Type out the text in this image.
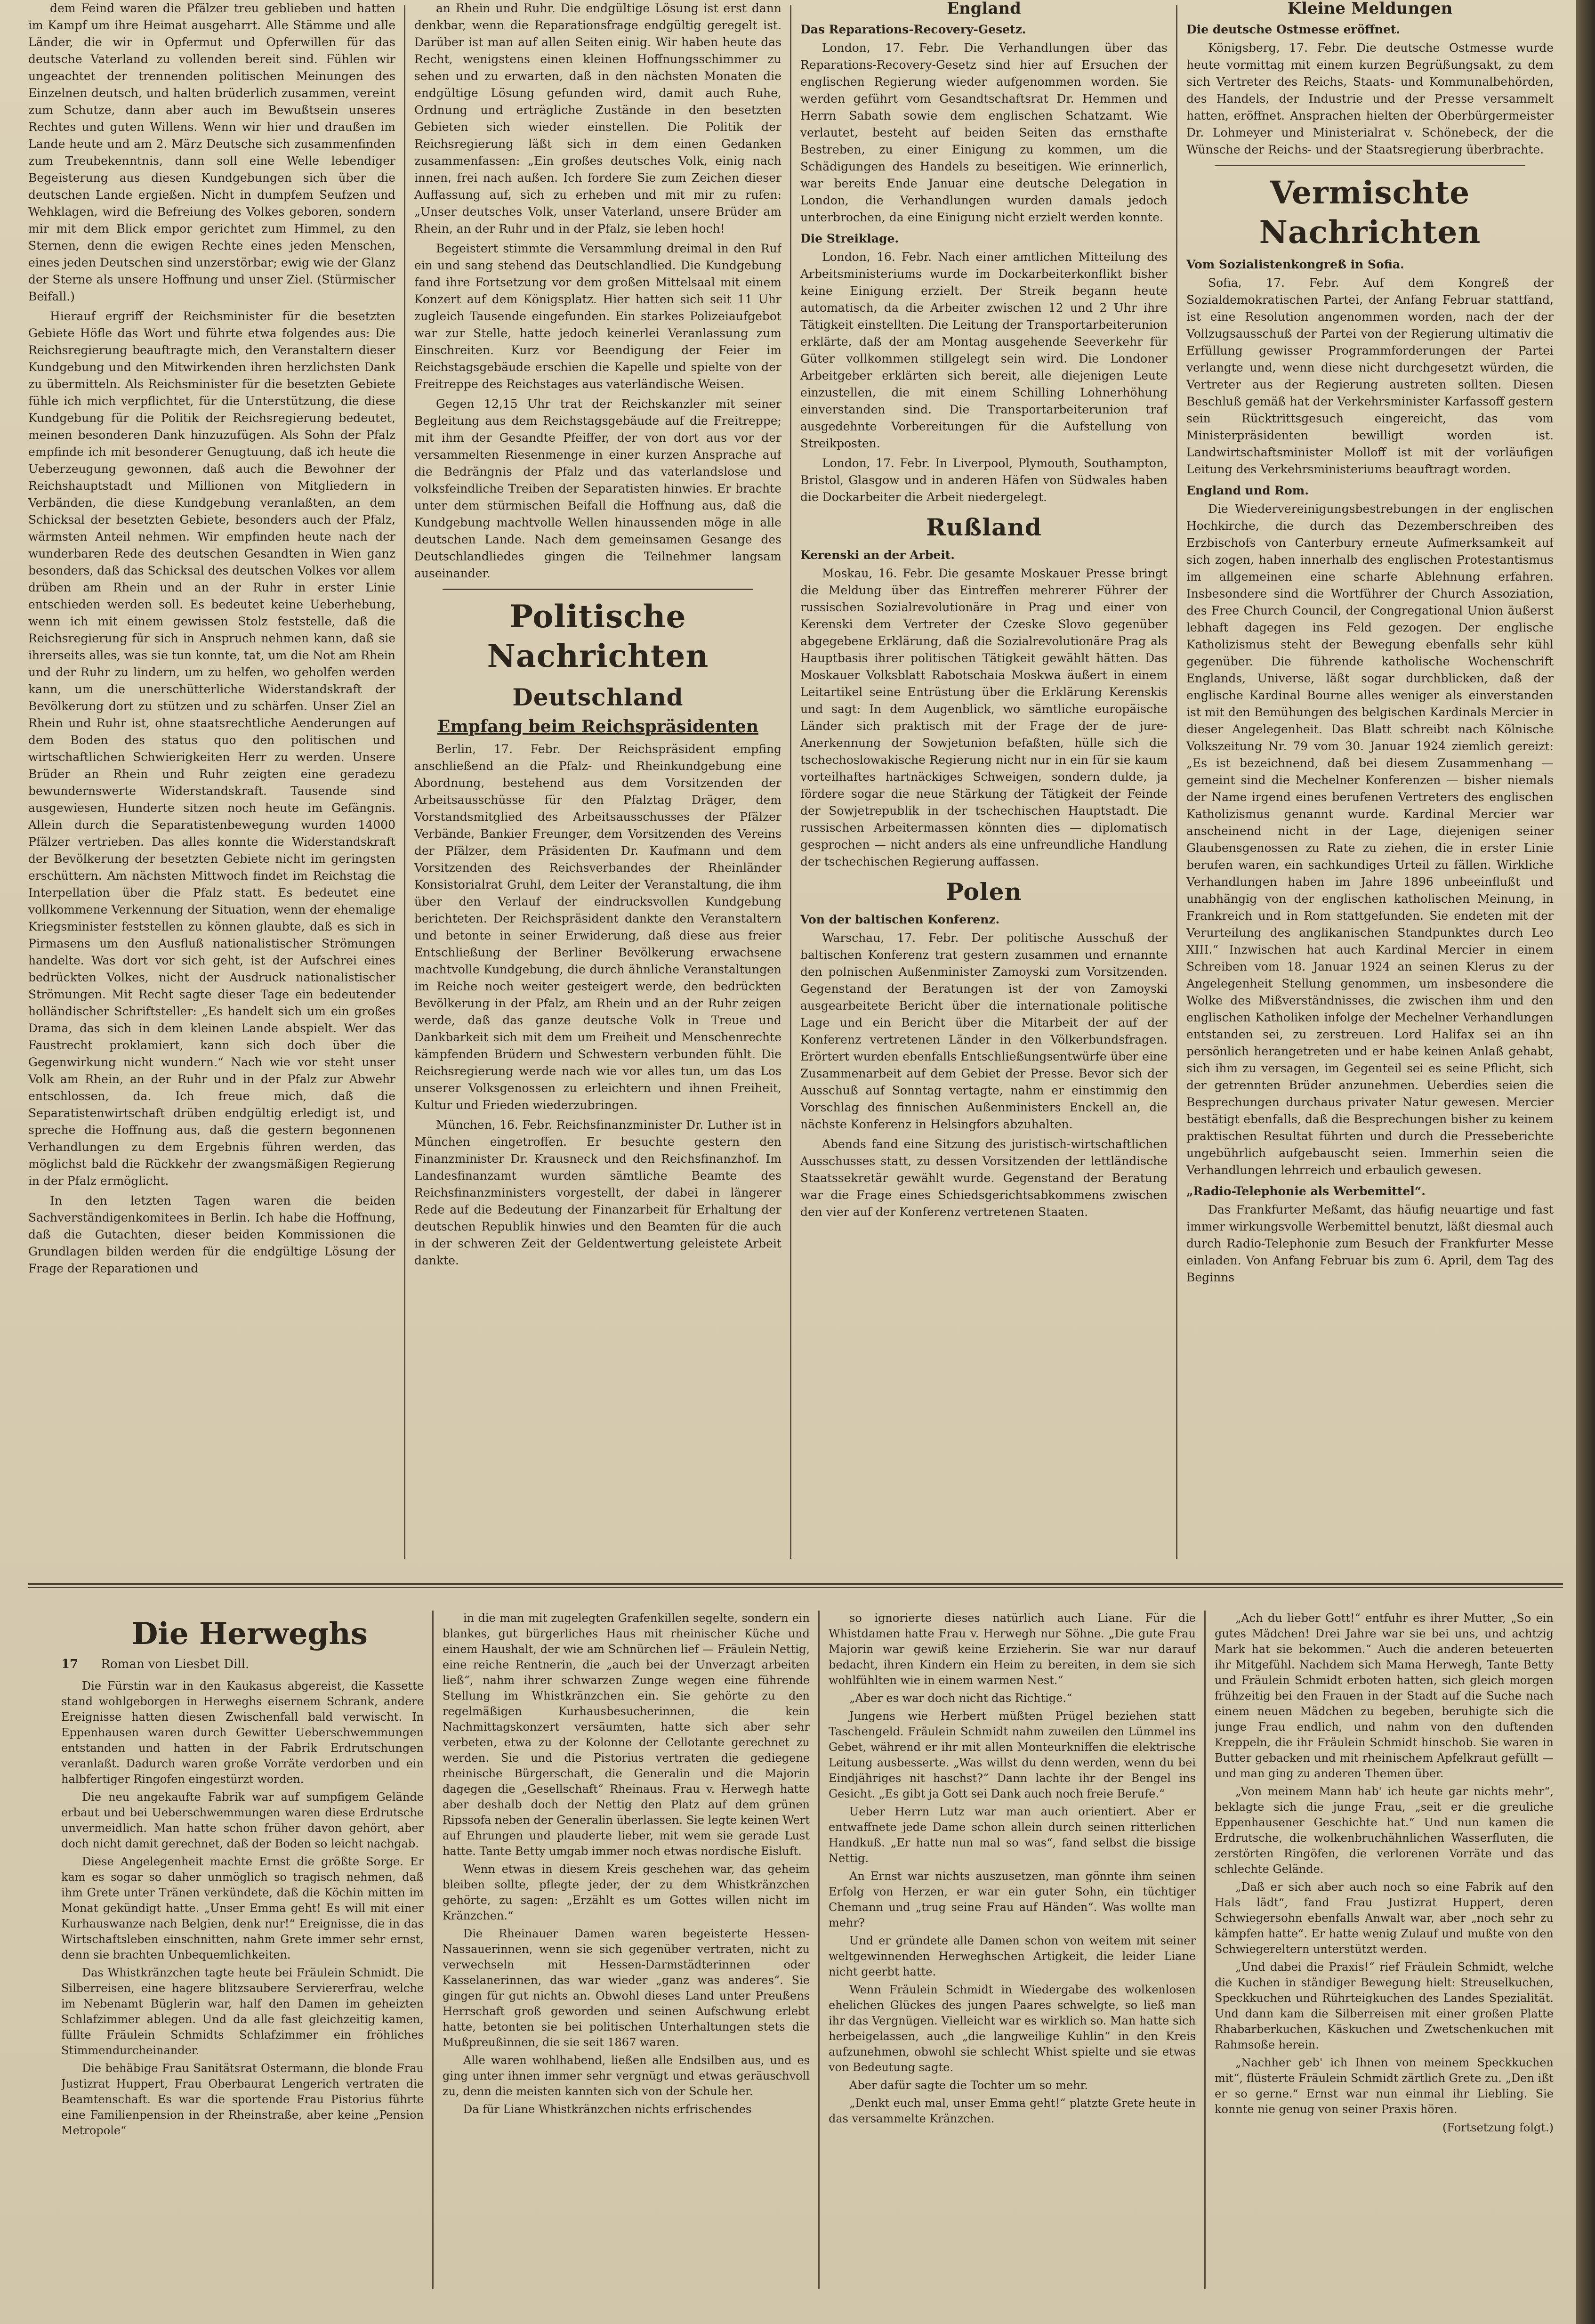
dem Feind waren die Pfälzer treu geblieben und hatten im Kampf um ihre Heimat ausgeharrt. Alle Stämme und alle Länder, die wir in Opfermut und Opferwillen für das deutsche Vaterland zu vollenden bereit sind. Fühlen wir ungeachtet der trennenden politischen Meinungen des Einzelnen deutsch, und halten brüderlich zusammen, vereint zum Schutze, dann aber auch im Bewußtsein unseres Rechtes und guten Willens. Wenn wir hier und draußen im Lande heute und am 2. März Deutsche sich zusammenfinden zum Treubekenntnis, dann soll eine Welle lebendiger Begeisterung aus diesen Kundgebungen sich über die deutschen Lande ergießen. Nicht in dumpfem Seufzen und Wehklagen, wird die Befreiung des Volkes geboren, sondern mir mit dem Blick empor gerichtet zum Himmel, zu den Sternen, denn die ewigen Rechte eines jeden Menschen, eines jeden Deutschen sind unzerstörbar; ewig wie der Glanz der Sterne als unsere Hoffnung und unser Ziel. (Stürmischer Beifall.)

Hierauf ergriff der Reichsminister für die besetzten Gebiete Höfle das Wort und führte etwa folgendes aus: Die Reichsregierung beauftragte mich, den Veranstaltern dieser Kundgebung und den Mitwirkenden ihren herzlichsten Dank zu übermitteln. Als Reichsminister für die besetzten Gebiete fühle ich mich verpflichtet, für die Unterstützung, die diese Kundgebung für die Politik der Reichsregierung bedeutet, meinen besonderen Dank hinzuzufügen. Als Sohn der Pfalz empfinde ich mit besonderer Genugtuung, daß ich heute die Ueberzeugung gewonnen, daß auch die Bewohner der Reichshauptstadt und Millionen von Mitgliedern in Verbänden, die diese Kundgebung veranlaßten, an dem Schicksal der besetzten Gebiete, besonders auch der Pfalz, wärmsten Anteil nehmen. Wir empfinden heute nach der wunderbaren Rede des deutschen Gesandten in Wien ganz besonders, daß das Schicksal des deutschen Volkes vor allem drüben am Rhein und an der Ruhr in erster Linie entschieden werden soll. Es bedeutet keine Ueberhebung, wenn ich mit einem gewissen Stolz feststelle, daß die Reichsregierung für sich in Anspruch nehmen kann, daß sie ihrerseits alles, was sie tun konnte, tat, um die Not am Rhein und der Ruhr zu lindern, um zu helfen, wo geholfen werden kann, um die unerschütterliche Widerstandskraft der Bevölkerung dort zu stützen und zu schärfen. Unser Ziel an Rhein und Ruhr ist, ohne staatsrechtliche Aenderungen auf dem Boden des status quo den politischen und wirtschaftlichen Schwierigkeiten Herr zu werden. Unsere Brüder an Rhein und Ruhr zeigten eine geradezu bewundernswerte Widerstandskraft. Tausende sind ausgewiesen, Hunderte sitzen noch heute im Gefängnis. Allein durch die Separatistenbewegung wurden 14000 Pfälzer vertrieben. Das alles konnte die Widerstandskraft der Bevölkerung der besetzten Gebiete nicht im geringsten erschüttern. Am nächsten Mittwoch findet im Reichstag die Interpellation über die Pfalz statt. Es bedeutet eine vollkommene Verkennung der Situation, wenn der ehemalige Kriegsminister feststellen zu können glaubte, daß es sich in Pirmasens um den Ausfluß nationalistischer Strömungen handelte. Was dort vor sich geht, ist der Aufschrei eines bedrückten Volkes, nicht der Ausdruck nationalistischer Strömungen. Mit Recht sagte dieser Tage ein bedeutender holländischer Schriftsteller: „Es handelt sich um ein großes Drama, das sich in dem kleinen Lande abspielt. Wer das Faustrecht proklamiert, kann sich doch über die Gegenwirkung nicht wundern.“ Nach wie vor steht unser Volk am Rhein, an der Ruhr und in der Pfalz zur Abwehr entschlossen, da. Ich freue mich, daß die Separatistenwirtschaft drüben endgültig erledigt ist, und spreche die Hoffnung aus, daß die gestern begonnenen Verhandlungen zu dem Ergebnis führen werden, das möglichst bald die Rückkehr der zwangsmäßigen Regierung in der Pfalz ermöglicht.

In den letzten Tagen waren die beiden Sachverständigenkomitees in Berlin. Ich habe die Hoffnung, daß die Gutachten, dieser beiden Kommissionen die Grundlagen bilden werden für die endgültige Lösung der Frage der Reparationen und

an Rhein und Ruhr. Die endgültige Lösung ist erst dann denkbar, wenn die Reparationsfrage endgültig geregelt ist. Darüber ist man auf allen Seiten einig. Wir haben heute das Recht, wenigstens einen kleinen Hoffnungsschimmer zu sehen und zu erwarten, daß in den nächsten Monaten die endgültige Lösung gefunden wird, damit auch Ruhe, Ordnung und erträgliche Zustände in den besetzten Gebieten sich wieder einstellen. Die Politik der Reichsregierung läßt sich in dem einen Gedanken zusammenfassen: „Ein großes deutsches Volk, einig nach innen, frei nach außen. Ich fordere Sie zum Zeichen dieser Auffassung auf, sich zu erheben und mit mir zu rufen: „Unser deutsches Volk, unser Vaterland, unsere Brüder am Rhein, an der Ruhr und in der Pfalz, sie leben hoch!

Begeistert stimmte die Versammlung dreimal in den Ruf ein und sang stehend das Deutschlandlied. Die Kundgebung fand ihre Fortsetzung vor dem großen Mittelsaal mit einem Konzert auf dem Königsplatz. Hier hatten sich seit 11 Uhr zugleich Tausende eingefunden. Ein starkes Polizeiaufgebot war zur Stelle, hatte jedoch keinerlei Veranlassung zum Einschreiten. Kurz vor Beendigung der Feier im Reichstagsgebäude erschien die Kapelle und spielte von der Freitreppe des Reichstages aus vaterländische Weisen.

Gegen 12,15 Uhr trat der Reichskanzler mit seiner Begleitung aus dem Reichstagsgebäude auf die Freitreppe; mit ihm der Gesandte Pfeiffer, der von dort aus vor der versammelten Riesenmenge in einer kurzen Ansprache auf die Bedrängnis der Pfalz und das vaterlandslose und volksfeindliche Treiben der Separatisten hinwies. Er brachte unter dem stürmischen Beifall die Hoffnung aus, daß die Kundgebung machtvolle Wellen hinaussenden möge in alle deutschen Lande. Nach dem gemeinsamen Gesange des Deutschlandliedes gingen die Teilnehmer langsam auseinander.

Politische Nachrichten
Deutschland
Empfang beim Reichspräsidenten

Berlin, 17. Febr. Der Reichspräsident empfing anschließend an die Pfalz- und Rheinkundgebung eine Abordnung, bestehend aus dem Vorsitzenden der Arbeitsausschüsse für den Pfalztag Dräger, dem Vorstandsmitglied des Arbeitsausschusses der Pfälzer Verbände, Bankier Freunger, dem Vorsitzenden des Vereins der Pfälzer, dem Präsidenten Dr. Kaufmann und dem Vorsitzenden des Reichsverbandes der Rheinländer Konsistorialrat Gruhl, dem Leiter der Veranstaltung, die ihm über den Verlauf der eindrucksvollen Kundgebung berichteten. Der Reichspräsident dankte den Veranstaltern und betonte in seiner Erwiderung, daß diese aus freier Entschließung der Berliner Bevölkerung erwachsene machtvolle Kundgebung, die durch ähnliche Veranstaltungen im Reiche noch weiter gesteigert werde, den bedrückten Bevölkerung in der Pfalz, am Rhein und an der Ruhr zeigen werde, daß das ganze deutsche Volk in Treue und Dankbarkeit sich mit dem um Freiheit und Menschenrechte kämpfenden Brüdern und Schwestern verbunden fühlt. Die Reichsregierung werde nach wie vor alles tun, um das Los unserer Volksgenossen zu erleichtern und ihnen Freiheit, Kultur und Frieden wiederzubringen.

München, 16. Febr. Reichsfinanzminister Dr. Luther ist in München eingetroffen. Er besuchte gestern den Finanzminister Dr. Krausneck und den Reichsfinanzhof. Im Landesfinanzamt wurden sämtliche Beamte des Reichsfinanzministers vorgestellt, der dabei in längerer Rede auf die Bedeutung der Finanzarbeit für Erhaltung der deutschen Republik hinwies und den Beamten für die auch in der schweren Zeit der Geldentwertung geleistete Arbeit dankte.

England

Das Reparations-Recovery-Gesetz.

London, 17. Febr. Die Verhandlungen über das Reparations-Recovery-Gesetz sind hier auf Ersuchen der englischen Regierung wieder aufgenommen worden. Sie werden geführt vom Gesandtschaftsrat Dr. Hemmen und Herrn Sabath sowie dem englischen Schatzamt. Wie verlautet, besteht auf beiden Seiten das ernsthafte Bestreben, zu einer Einigung zu kommen, um die Schädigungen des Handels zu beseitigen. Wie erinnerlich, war bereits Ende Januar eine deutsche Delegation in London, die Verhandlungen wurden damals jedoch unterbrochen, da eine Einigung nicht erzielt werden konnte.

Die Streiklage.

London, 16. Febr. Nach einer amtlichen Mitteilung des Arbeitsministeriums wurde im Dockarbeiterkonflikt bisher keine Einigung erzielt. Der Streik begann heute automatisch, da die Arbeiter zwischen 12 und 2 Uhr ihre Tätigkeit einstellten. Die Leitung der Transportarbeiterunion erklärte, daß der am Montag ausgehende Seeverkehr für Güter vollkommen stillgelegt sein wird. Die Londoner Arbeitgeber erklärten sich bereit, alle diejenigen Leute einzustellen, die mit einem Schilling Lohnerhöhung einverstanden sind. Die Transportarbeiterunion traf ausgedehnte Vorbereitungen für die Aufstellung von Streikposten.

London, 17. Febr. In Liverpool, Plymouth, Southampton, Bristol, Glasgow und in anderen Häfen von Südwales haben die Dockarbeiter die Arbeit niedergelegt.

Rußland

Kerenski an der Arbeit.

Moskau, 16. Febr. Die gesamte Moskauer Presse bringt die Meldung über das Eintreffen mehrerer Führer der russischen Sozialrevolutionäre in Prag und einer von Kerenski dem Vertreter der Czeske Slovo gegenüber abgegebene Erklärung, daß die Sozialrevolutionäre Prag als Hauptbasis ihrer politischen Tätigkeit gewählt hätten. Das Moskauer Volksblatt Rabotschaia Moskwa äußert in einem Leitartikel seine Entrüstung über die Erklärung Kerenskis und sagt: In dem Augenblick, wo sämtliche europäische Länder sich praktisch mit der Frage der de jure-Anerkennung der Sowjetunion befaßten, hülle sich die tschechoslowakische Regierung nicht nur in ein für sie kaum vorteilhaftes hartnäckiges Schweigen, sondern dulde, ja fördere sogar die neue Stärkung der Tätigkeit der Feinde der Sowjetrepublik in der tschechischen Hauptstadt. Die russischen Arbeitermassen könnten dies — diplomatisch gesprochen — nicht anders als eine unfreundliche Handlung der tschechischen Regierung auffassen.

Polen

Von der baltischen Konferenz.

Warschau, 17. Febr. Der politische Ausschuß der baltischen Konferenz trat gestern zusammen und ernannte den polnischen Außenminister Zamoyski zum Vorsitzenden. Gegenstand der Beratungen ist der von Zamoyski ausgearbeitete Bericht über die internationale politische Lage und ein Bericht über die Mitarbeit der auf der Konferenz vertretenen Länder in den Völkerbundsfragen. Erörtert wurden ebenfalls Entschließungsentwürfe über eine Zusammenarbeit auf dem Gebiet der Presse. Bevor sich der Ausschuß auf Sonntag vertagte, nahm er einstimmig den Vorschlag des finnischen Außenministers Enckell an, die nächste Konferenz in Helsingfors abzuhalten.

Abends fand eine Sitzung des juristisch-wirtschaftlichen Ausschusses statt, zu dessen Vorsitzenden der lettländische Staatssekretär gewählt wurde. Gegenstand der Beratung war die Frage eines Schiedsgerichtsabkommens zwischen den vier auf der Konferenz vertretenen Staaten.

Kleine Meldungen

Die deutsche Ostmesse eröffnet.

Königsberg, 17. Febr. Die deutsche Ostmesse wurde heute vormittag mit einem kurzen Begrüßungsakt, zu dem sich Vertreter des Reichs, Staats- und Kommunalbehörden, des Handels, der Industrie und der Presse versammelt hatten, eröffnet. Ansprachen hielten der Oberbürgermeister Dr. Lohmeyer und Ministerialrat v. Schönebeck, der die Wünsche der Reichs- und der Staatsregierung überbrachte.

Vermischte Nachrichten

Vom Sozialistenkongreß in Sofia.

Sofia, 17. Febr. Auf dem Kongreß der Sozialdemokratischen Partei, der Anfang Februar stattfand, ist eine Resolution angenommen worden, nach der der Vollzugsausschuß der Partei von der Regierung ultimativ die Erfüllung gewisser Programmforderungen der Partei verlangte und, wenn diese nicht durchgesetzt würden, die Vertreter aus der Regierung austreten sollten. Diesen Beschluß gemäß hat der Verkehrsminister Karfassoff gestern sein Rücktrittsgesuch eingereicht, das vom Ministerpräsidenten bewilligt worden ist. Landwirtschaftsminister Molloff ist mit der vorläufigen Leitung des Verkehrsministeriums beauftragt worden.

England und Rom.

Die Wiedervereinigungsbestrebungen in der englischen Hochkirche, die durch das Dezemberschreiben des Erzbischofs von Canterbury erneute Aufmerksamkeit auf sich zogen, haben innerhalb des englischen Protestantismus im allgemeinen eine scharfe Ablehnung erfahren. Insbesondere sind die Wortführer der Church Assoziation, des Free Church Council, der Congregational Union äußerst lebhaft dagegen ins Feld gezogen. Der englische Katholizismus steht der Bewegung ebenfalls sehr kühl gegenüber. Die führende katholische Wochenschrift Englands, Universe, läßt sogar durchblicken, daß der englische Kardinal Bourne alles weniger als einverstanden ist mit den Bemühungen des belgischen Kardinals Mercier in dieser Angelegenheit. Das Blatt schreibt nach Kölnische Volkszeitung Nr. 79 vom 30. Januar 1924 ziemlich gereizt: „Es ist bezeichnend, daß bei diesem Zusammenhang — gemeint sind die Mechelner Konferenzen — bisher niemals der Name irgend eines berufenen Vertreters des englischen Katholizismus genannt wurde. Kardinal Mercier war anscheinend nicht in der Lage, diejenigen seiner Glaubensgenossen zu Rate zu ziehen, die in erster Linie berufen waren, ein sachkundiges Urteil zu fällen. Wirkliche Verhandlungen haben im Jahre 1896 unbeeinflußt und unabhängig von der englischen katholischen Meinung, in Frankreich und in Rom stattgefunden. Sie endeten mit der Verurteilung des anglikanischen Standpunktes durch Leo XIII.“ Inzwischen hat auch Kardinal Mercier in einem Schreiben vom 18. Januar 1924 an seinen Klerus zu der Angelegenheit Stellung genommen, um insbesondere die Wolke des Mißverständnisses, die zwischen ihm und den englischen Katholiken infolge der Mechelner Verhandlungen entstanden sei, zu zerstreuen. Lord Halifax sei an ihn persönlich herangetreten und er habe keinen Anlaß gehabt, sich ihm zu versagen, im Gegenteil sei es seine Pflicht, sich der getrennten Brüder anzunehmen. Ueberdies seien die Besprechungen durchaus privater Natur gewesen. Mercier bestätigt ebenfalls, daß die Besprechungen bisher zu keinem praktischen Resultat führten und durch die Presseberichte ungebührlich aufgebauscht seien. Immerhin seien die Verhandlungen lehrreich und erbaulich gewesen.

„Radio-Telephonie als Werbemittel“.

Das Frankfurter Meßamt, das häufig neuartige und fast immer wirkungsvolle Werbemittel benutzt, läßt diesmal auch durch Radio-Telephonie zum Besuch der Frankfurter Messe einladen. Von Anfang Februar bis zum 6. April, dem Tag des Beginns

Die Herweghs
17 Roman von Liesbet Dill.

Die Fürstin war in den Kaukasus abgereist, die Kassette stand wohlgeborgen in Herweghs eisernem Schrank, andere Ereignisse hatten diesen Zwischenfall bald verwischt. In Eppenhausen waren durch Gewitter Ueberschwemmungen entstanden und hatten in der Fabrik Erdrutschungen veranlaßt. Dadurch waren große Vorräte verdorben und ein halbfertiger Ringofen eingestürzt worden.

Die neu angekaufte Fabrik war auf sumpfigem Gelände erbaut und bei Ueberschwemmungen waren diese Erdrutsche unvermeidlich. Man hatte schon früher davon gehört, aber doch nicht damit gerechnet, daß der Boden so leicht nachgab.

Diese Angelegenheit machte Ernst die größte Sorge. Er kam es sogar so daher unmöglich so tragisch nehmen, daß ihm Grete unter Tränen verkündete, daß die Köchin mitten im Monat gekündigt hatte. „Unser Emma geht! Es will mit einer Kurhauswanze nach Belgien, denk nur!“ Ereignisse, die in das Wirtschaftsleben einschnitten, nahm Grete immer sehr ernst, denn sie brachten Unbequemlichkeiten.

Das Whistkränzchen tagte heute bei Fräulein Schmidt. Die Silberreisen, eine hagere blitzsaubere Serviererfrau, welche im Nebenamt Büglerin war, half den Damen im geheizten Schlafzimmer ablegen. Und da alle fast gleichzeitig kamen, füllte Fräulein Schmidts Schlafzimmer ein fröhliches Stimmendurcheinander.

Die behäbige Frau Sanitätsrat Ostermann, die blonde Frau Justizrat Huppert, Frau Oberbaurat Lengerich vertraten die Beamtenschaft. Es war die sportende Frau Pistorius führte eine Familienpension in der Rheinstraße, aber keine „Pension Metropole“

in die man mit zugelegten Grafenkillen segelte, sondern ein blankes, gut bürgerliches Haus mit rheinischer Küche und einem Haushalt, der wie am Schnürchen lief — Fräulein Nettig, eine reiche Rentnerin, die „auch bei der Unverzagt arbeiten ließ“, nahm ihrer schwarzen Zunge wegen eine führende Stellung im Whistkränzchen ein. Sie gehörte zu den regelmäßigen Kurhausbesucherinnen, die kein Nachmittagskonzert versäumten, hatte sich aber sehr verbeten, etwa zu der Kolonne der Cellotante gerechnet zu werden. Sie und die Pistorius vertraten die gediegene rheinische Bürgerschaft, die Generalin und die Majorin dagegen die „Gesellschaft“ Rheinaus. Frau v. Herwegh hatte aber deshalb doch der Nettig den Platz auf dem grünen Ripssofa neben der Generalin überlassen. Sie legte keinen Wert auf Ehrungen und plauderte lieber, mit wem sie gerade Lust hatte. Tante Betty umgab immer noch etwas nordische Eisluft.

Wenn etwas in diesem Kreis geschehen war, das geheim bleiben sollte, pflegte jeder, der zu dem Whistkränzchen gehörte, zu sagen: „Erzählt es um Gottes willen nicht im Kränzchen.“

Die Rheinauer Damen waren begeisterte Hessen-Nassauerinnen, wenn sie sich gegenüber vertraten, nicht zu verwechseln mit Hessen-Darmstädterinnen oder Kasselanerinnen, das war wieder „ganz was anderes“. Sie gingen für gut nichts an. Obwohl dieses Land unter Preußens Herrschaft groß geworden und seinen Aufschwung erlebt hatte, betonten sie bei politischen Unterhaltungen stets die Mußpreußinnen, die sie seit 1867 waren.

Alle waren wohlhabend, ließen alle Endsilben aus, und es ging unter ihnen immer sehr vergnügt und etwas geräuschvoll zu, denn die meisten kannten sich von der Schule her.

Da für Liane Whistkränzchen nichts erfrischendes

so ignorierte dieses natürlich auch Liane. Für die Whistdamen hatte Frau v. Herwegh nur Söhne. „Die gute Frau Majorin war gewiß keine Erzieherin. Sie war nur darauf bedacht, ihren Kindern ein Heim zu bereiten, in dem sie sich wohlfühlten wie in einem warmen Nest.“

„Aber es war doch nicht das Richtige.“

Jungens wie Herbert müßten Prügel beziehen statt Taschengeld. Fräulein Schmidt nahm zuweilen den Lümmel ins Gebet, während er ihr mit allen Monteurkniffen die elektrische Leitung ausbesserte. „Was willst du denn werden, wenn du bei Eindjähriges nit haschst?“ Dann lachte ihr der Bengel ins Gesicht. „Es gibt ja Gott sei Dank auch noch freie Berufe.“

Ueber Herrn Lutz war man auch orientiert. Aber er entwaffnete jede Dame schon allein durch seinen ritterlichen Handkuß. „Er hatte nun mal so was“, fand selbst die bissige Nettig.

An Ernst war nichts auszusetzen, man gönnte ihm seinen Erfolg von Herzen, er war ein guter Sohn, ein tüchtiger Chemann und „trug seine Frau auf Händen“. Was wollte man mehr?

Und er gründete alle Damen schon von weitem mit seiner weltgewinnenden Herweghschen Artigkeit, die leider Liane nicht geerbt hatte.

Wenn Fräulein Schmidt in Wiedergabe des wolkenlosen ehelichen Glückes des jungen Paares schwelgte, so ließ man ihr das Vergnügen. Vielleicht war es wirklich so. Man hatte sich herbeigelassen, auch „die langweilige Kuhlin“ in den Kreis aufzunehmen, obwohl sie schlecht Whist spielte und sie etwas von Bedeutung sagte.

Aber dafür sagte die Tochter um so mehr.

„Denkt euch mal, unser Emma geht!“ platzte Grete heute in das versammelte Kränzchen.

„Ach du lieber Gott!“ entfuhr es ihrer Mutter, „So ein gutes Mädchen! Drei Jahre war sie bei uns, und achtzig Mark hat sie bekommen.“ Auch die anderen beteuerten ihr Mitgefühl. Nachdem sich Mama Herwegh, Tante Betty und Fräulein Schmidt erboten hatten, sich gleich morgen frühzeitig bei den Frauen in der Stadt auf die Suche nach einem neuen Mädchen zu begeben, beruhigte sich die junge Frau endlich, und nahm von den duftenden Kreppeln, die ihr Fräulein Schmidt hinschob. Sie waren in Butter gebacken und mit rheinischem Apfelkraut gefüllt — und man ging zu anderen Themen über.

„Von meinem Mann hab' ich heute gar nichts mehr“, beklagte sich die junge Frau, „seit er die greuliche Eppenhausener Geschichte hat.“ Und nun kamen die Erdrutsche, die wolkenbruchähnlichen Wasserfluten, die zerstörten Ringöfen, die verlorenen Vorräte und das schlechte Gelände.

„Daß er sich aber auch noch so eine Fabrik auf den Hals lädt“, fand Frau Justizrat Huppert, deren Schwiegersohn ebenfalls Anwalt war, aber „noch sehr zu kämpfen hatte“. Er hatte wenig Zulauf und mußte von den Schwiegereltern unterstützt werden.

„Und dabei die Praxis!“ rief Fräulein Schmidt, welche die Kuchen in ständiger Bewegung hielt: Streuselkuchen, Speckkuchen und Rührteigkuchen des Landes Spezialität. Und dann kam die Silberreisen mit einer großen Platte Rhabarberkuchen, Käskuchen und Zwetschenkuchen mit Rahmsoße herein.

„Nachher geb' ich Ihnen von meinem Speckkuchen mit“, flüsterte Fräulein Schmidt zärtlich Grete zu. „Den ißt er so gerne.“ Ernst war nun einmal ihr Liebling. Sie konnte nie genug von seiner Praxis hören.

(Fortsetzung folgt.)
